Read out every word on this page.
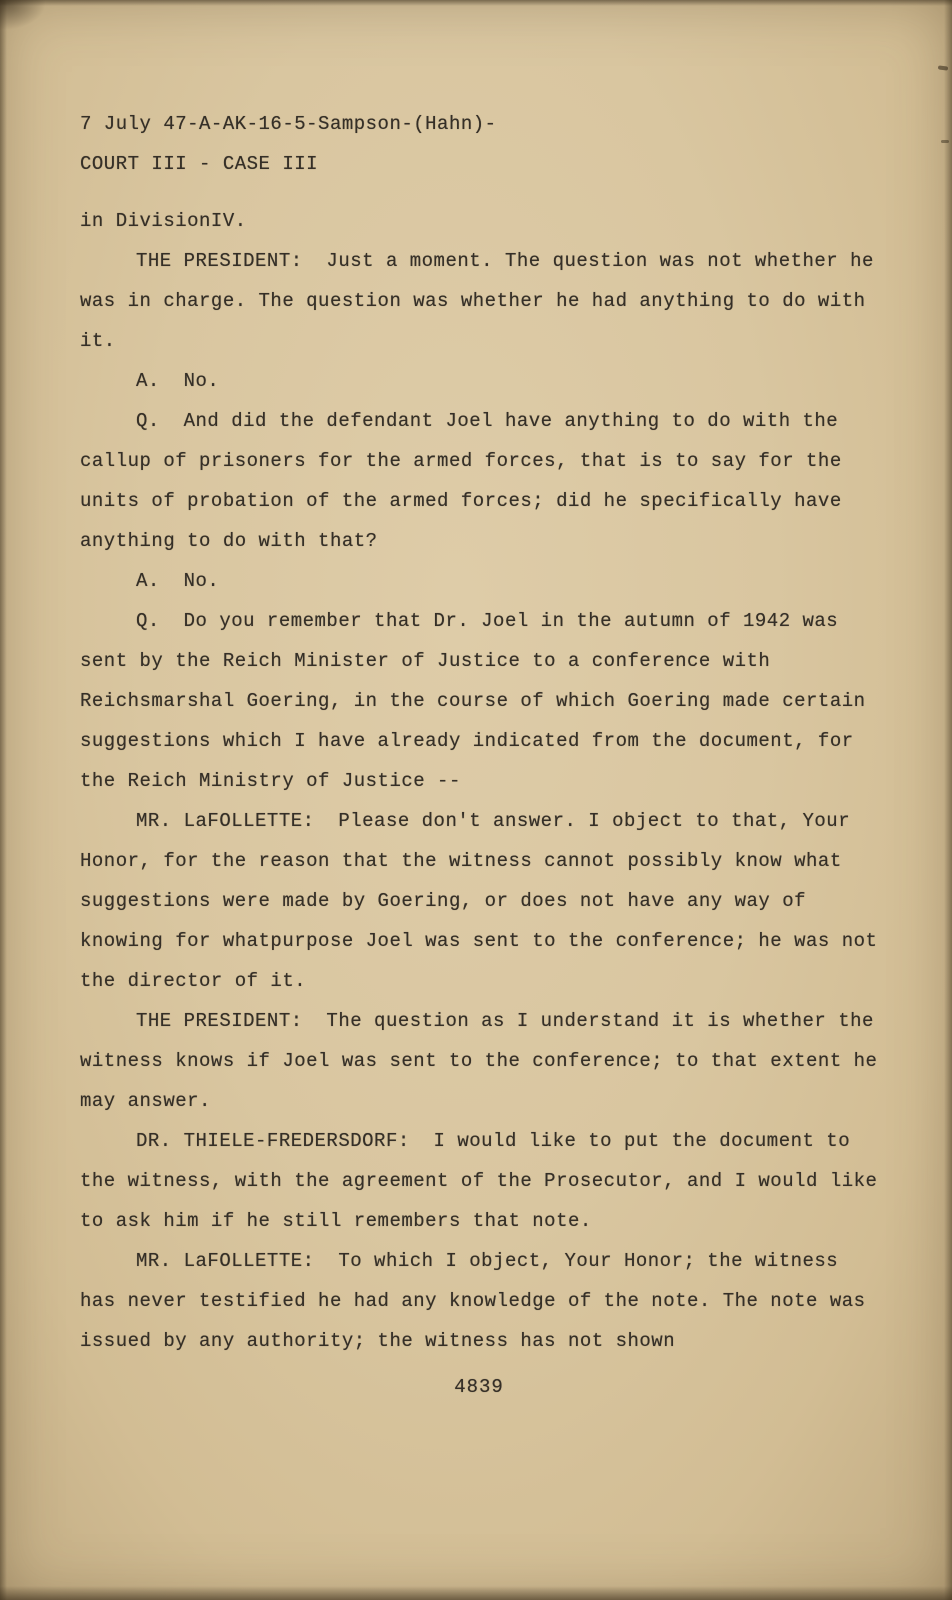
7 July 47-A-AK-16-5-Sampson-(Hahn)-
COURT III - CASE III

in DivisionIV.

THE PRESIDENT:  Just a moment. The question was not whether he was in charge. The question was whether he had anything to do with it.

A.  No.

Q.  And did the defendant Joel have anything to do with the callup of prisoners for the armed forces, that is to say for the units of probation of the armed forces; did he specifically have anything to do with that?

A.  No.

Q.  Do you remember that Dr. Joel in the autumn of 1942 was sent by the Reich Minister of Justice to a conference with Reichsmarshal Goering, in the course of which Goering made certain suggestions which I have already indicated from the document, for the Reich Ministry of Justice --

MR. LaFOLLETTE:  Please don't answer. I object to that, Your Honor, for the reason that the witness cannot possibly know what suggestions were made by Goering, or does not have any way of knowing for whatpurpose Joel was sent to the conference; he was not the director of it.

THE PRESIDENT:  The question as I understand it is whether the witness knows if Joel was sent to the conference; to that extent he may answer.

DR. THIELE-FREDERSDORF:  I would like to put the document to the witness, with the agreement of the Prosecutor, and I would like to ask him if he still remembers that note.

MR. LaFOLLETTE:  To which I object, Your Honor; the witness has never testified he had any knowledge of the note. The note was issued by any authority; the witness has not shown

4839
